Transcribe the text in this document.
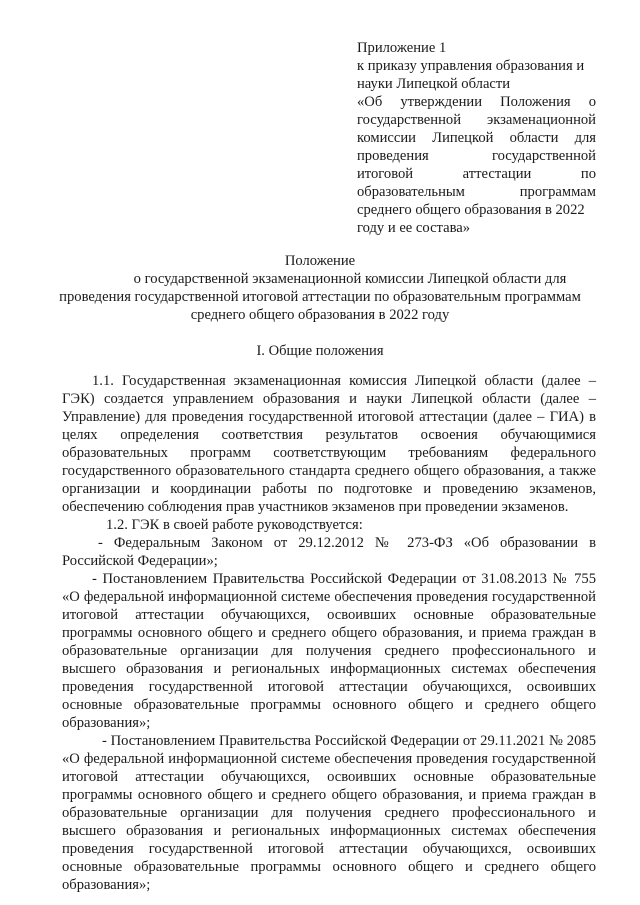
Приложение 1
к приказу управления образования и
науки Липецкой области
«Об утверждении Положения о
государственной экзаменационной
комиссии Липецкой области для
проведения государственной
итоговой аттестации по
образовательным программам
среднего общего образования в 2022
году и ее состава»
Положение
о государственной экзаменационной комиссии Липецкой области для
проведения государственной итоговой аттестации по образовательным программам
среднего общего образования в 2022 году
I. Общие положения

1.1. Государственная экзаменационная комиссия Липецкой области (далее – ГЭК) создается управлением образования и науки Липецкой области (далее – Управление) для проведения государственной итоговой аттестации (далее – ГИА) в целях определения соответствия результатов освоения обучающимися образовательных программ соответствующим требованиям федерального государственного образовательного стандарта среднего общего образования, а также организации и координации работы по подготовке и проведению экзаменов, обеспечению соблюдения прав участников экзаменов при проведении экзаменов.

1.2. ГЭК в своей работе руководствуется:

- Федеральным Законом от 29.12.2012 № 273-ФЗ «Об образовании в Российской Федерации»;

- Постановлением Правительства Российской Федерации от 31.08.2013 № 755 «О федеральной информационной системе обеспечения проведения государственной итоговой аттестации обучающихся, освоивших основные образовательные программы основного общего и среднего общего образования, и приема граждан в образовательные организации для получения среднего профессионального и высшего образования и региональных информационных системах обеспечения проведения государственной итоговой аттестации обучающихся, освоивших основные образовательные программы основного общего и среднего общего образования»;

- Постановлением Правительства Российской Федерации от 29.11.2021 № 2085 «О федеральной информационной системе обеспечения проведения государственной итоговой аттестации обучающихся, освоивших основные образовательные программы основного общего и среднего общего образования, и приема граждан в образовательные организации для получения среднего профессионального и высшего образования и региональных информационных системах обеспечения проведения государственной итоговой аттестации обучающихся, освоивших основные образовательные программы основного общего и среднего общего образования»;
